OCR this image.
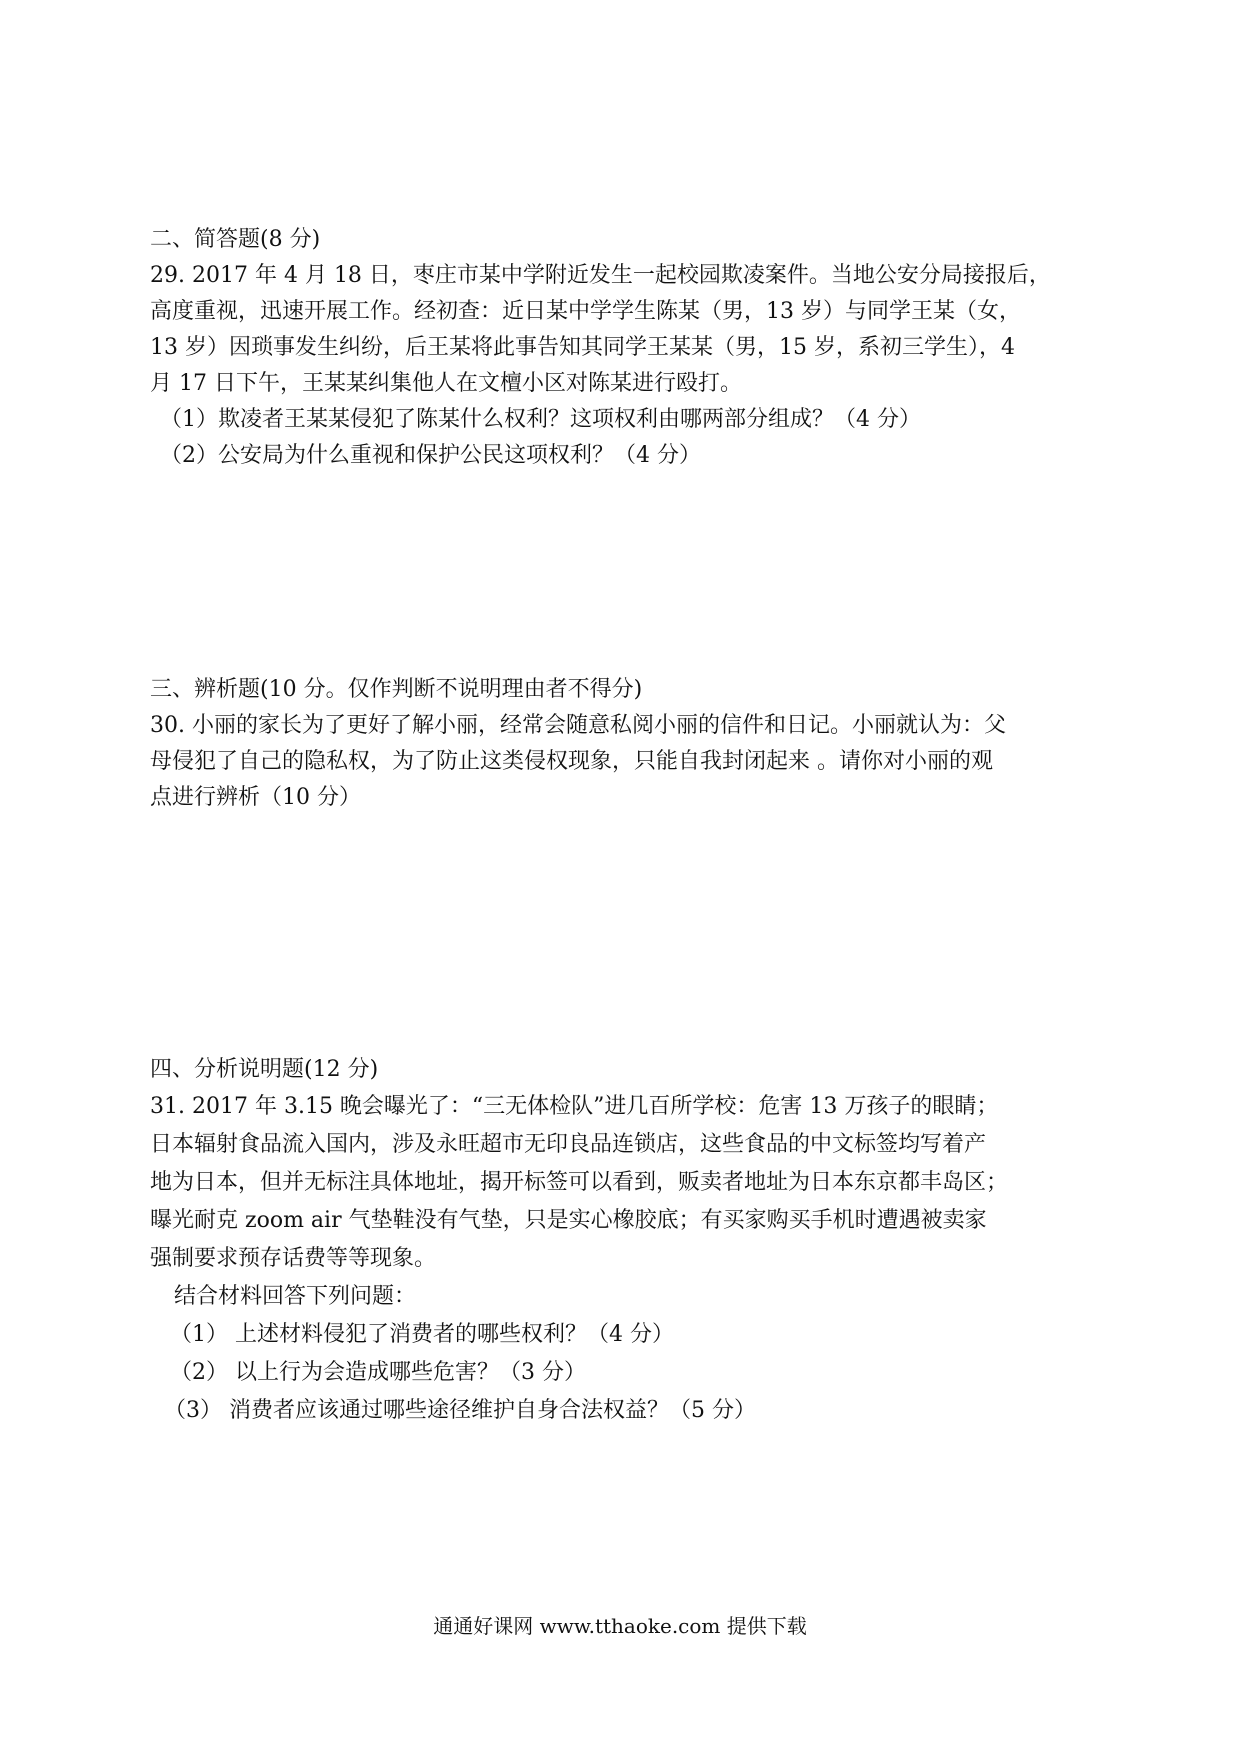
二、简答题(8 分)
29. 2017 年 4 月 18 日，枣庄市某中学附近发生一起校园欺凌案件。当地公安分局接报后，
高度重视，迅速开展工作。经初查：近日某中学学生陈某（男，13 岁）与同学王某（女，
13 岁）因琐事发生纠纷，后王某将此事告知其同学王某某（男，15 岁，系初三学生），4
月 17 日下午，王某某纠集他人在文檀小区对陈某进行殴打。
（1）欺凌者王某某侵犯了陈某什么权利？这项权利由哪两部分组成？（4 分）
（2）公安局为什么重视和保护公民这项权利？（4 分）
三、辨析题(10 分。仅作判断不说明理由者不得分)
30. 小丽的家长为了更好了解小丽，经常会随意私阅小丽的信件和日记。小丽就认为：父
母侵犯了自己的隐私权，为了防止这类侵权现象，只能自我封闭起来 。请你对小丽的观
点进行辨析（10 分）
四、分析说明题(12 分)
31. 2017 年 3.15 晚会曝光了：“三无体检队”进几百所学校：危害 13 万孩子的眼睛；
日本辐射食品流入国内，涉及永旺超市无印良品连锁店，这些食品的中文标签均写着产
地为日本，但并无标注具体地址，揭开标签可以看到，贩卖者地址为日本东京都丰岛区；
曝光耐克 zoom air 气垫鞋没有气垫，只是实心橡胶底；有买家购买手机时遭遇被卖家
强制要求预存话费等等现象。
结合材料回答下列问题：
（1） 上述材料侵犯了消费者的哪些权利？（4 分）
（2） 以上行为会造成哪些危害？（3 分）
（3） 消费者应该通过哪些途径维护自身合法权益？（5 分）
通通好课网 www.tthaoke.com 提供下载
